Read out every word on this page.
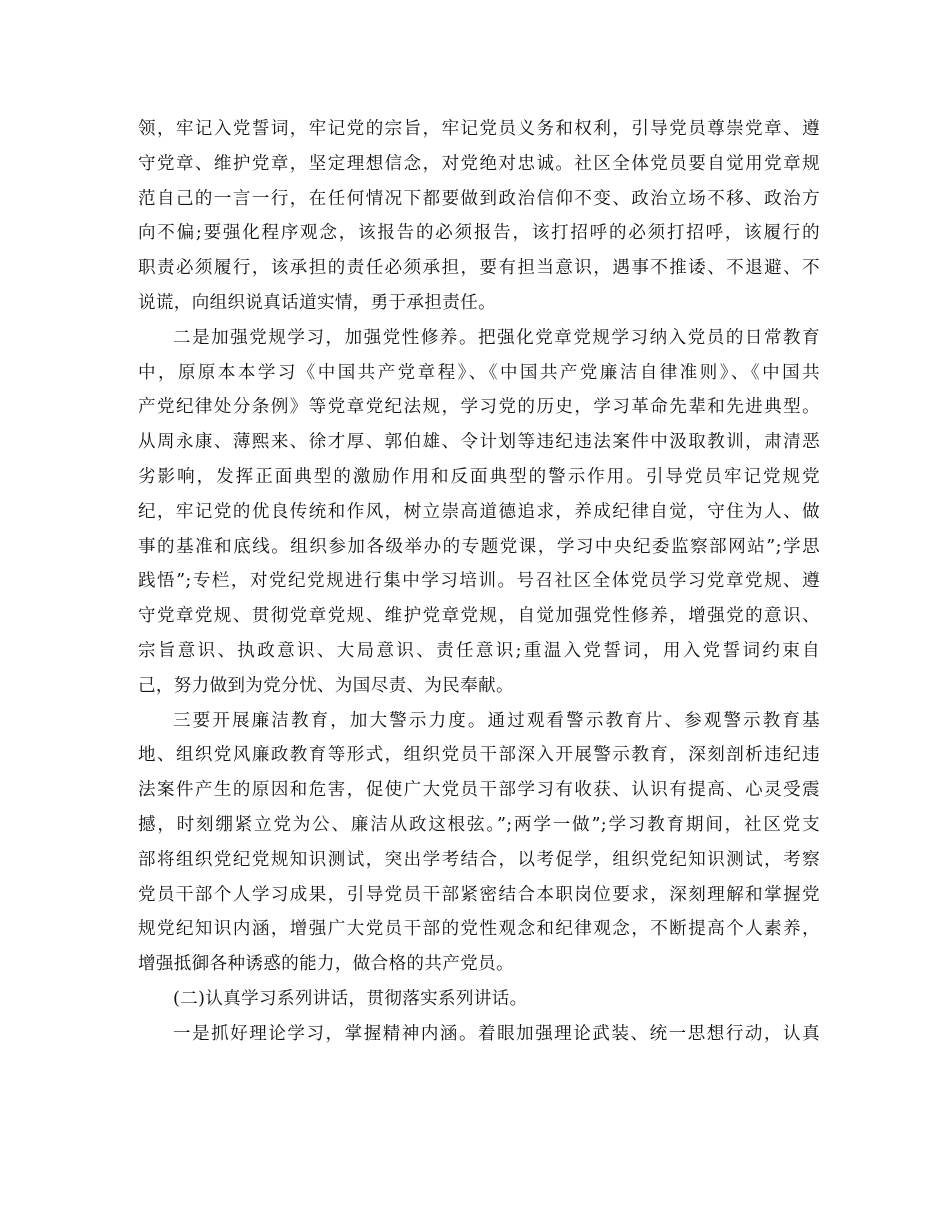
领，牢记入党誓词，牢记党的宗旨，牢记党员义务和权利，引导党员尊崇党章、遵
守党章、维护党章，坚定理想信念，对党绝对忠诚。社区全体党员要自觉用党章规
范自己的一言一行，在任何情况下都要做到政治信仰不变、政治立场不移、政治方
向不偏;要强化程序观念，该报告的必须报告，该打招呼的必须打招呼，该履行的
职责必须履行，该承担的责任必须承担，要有担当意识，遇事不推诿、不退避、不
说谎，向组织说真话道实情，勇于承担责任。

二是加强党规学习，加强党性修养。把强化党章党规学习纳入党员的日常教育
中，原原本本学习《中国共产党章程》、《中国共产党廉洁自律准则》、《中国共
产党纪律处分条例》等党章党纪法规，学习党的历史，学习革命先辈和先进典型。
从周永康、薄熙来、徐才厚、郭伯雄、令计划等违纪违法案件中汲取教训，肃清恶
劣影响，发挥正面典型的激励作用和反面典型的警示作用。引导党员牢记党规党
纪，牢记党的优良传统和作风，树立崇高道德追求，养成纪律自觉，守住为人、做
事的基准和底线。组织参加各级举办的专题党课，学习中央纪委监察部网站”;学思
践悟”;专栏，对党纪党规进行集中学习培训。号召社区全体党员学习党章党规、遵
守党章党规、贯彻党章党规、维护党章党规，自觉加强党性修养，增强党的意识、
宗旨意识、执政意识、大局意识、责任意识;重温入党誓词，用入党誓词约束自
己，努力做到为党分忧、为国尽责、为民奉献。

三要开展廉洁教育，加大警示力度。通过观看警示教育片、参观警示教育基
地、组织党风廉政教育等形式，组织党员干部深入开展警示教育，深刻剖析违纪违
法案件产生的原因和危害，促使广大党员干部学习有收获、认识有提高、心灵受震
撼，时刻绷紧立党为公、廉洁从政这根弦。”;两学一做”;学习教育期间，社区党支
部将组织党纪党规知识测试，突出学考结合，以考促学，组织党纪知识测试，考察
党员干部个人学习成果，引导党员干部紧密结合本职岗位要求，深刻理解和掌握党
规党纪知识内涵，增强广大党员干部的党性观念和纪律观念，不断提高个人素养，
增强抵御各种诱惑的能力，做合格的共产党员。

(二)认真学习系列讲话，贯彻落实系列讲话。

一是抓好理论学习，掌握精神内涵。着眼加强理论武装、统一思想行动，认真
